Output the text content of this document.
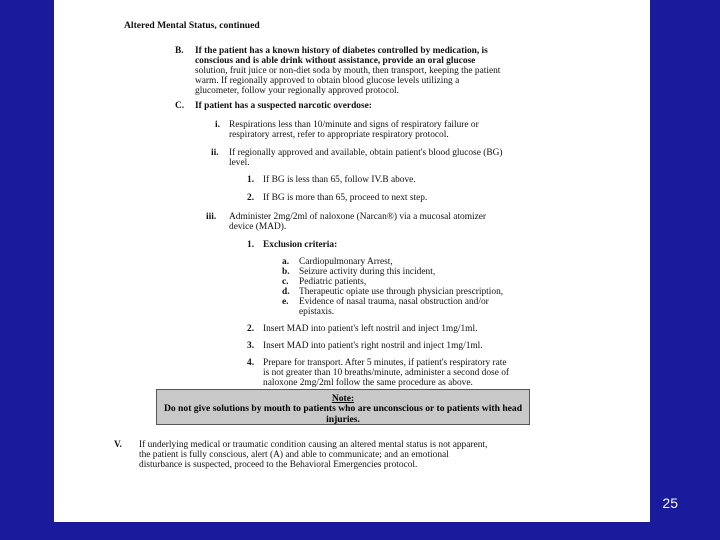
Altered Mental Status, continued
B. If the patient has a known history of diabetes controlled by medication, is
conscious and is able drink without assistance, provide an oral glucose
solution, fruit juice or non-diet soda by mouth, then transport, keeping the patient
warm. If regionally approved to obtain blood glucose levels utilizing a
glucometer, follow your regionally approved protocol.
C. If patient has a suspected narcotic overdose:
i. Respirations less than 10/minute and signs of respiratory failure or
respiratory arrest, refer to appropriate respiratory protocol.
ii. If regionally approved and available, obtain patient's blood glucose (BG)
level.
1. If BG is less than 65, follow IV.B above.
2. If BG is more than 65, proceed to next step.
iii. Administer 2mg/2ml of naloxone (Narcan®) via a mucosal atomizer
device (MAD).
1. Exclusion criteria:
a. Cardiopulmonary Arrest,
b. Seizure activity during this incident,
c. Pediatric patients,
d. Therapeutic opiate use through physician prescription,
e. Evidence of nasal trauma, nasal obstruction and/or
epistaxis.
2. Insert MAD into patient's left nostril and inject 1mg/1ml.
3. Insert MAD into patient's right nostril and inject 1mg/1ml.
4. Prepare for transport. After 5 minutes, if patient's respiratory rate
is not greater than 10 breaths/minute, administer a second dose of
naloxone 2mg/2ml follow the same procedure as above.
Note:
Do not give solutions by mouth to patients who are unconscious or to patients with head injuries.
V. If underlying medical or traumatic condition causing an altered mental status is not apparent,
the patient is fully conscious, alert (A) and able to communicate; and an emotional
disturbance is suspected, proceed to the Behavioral Emergencies protocol.
25
